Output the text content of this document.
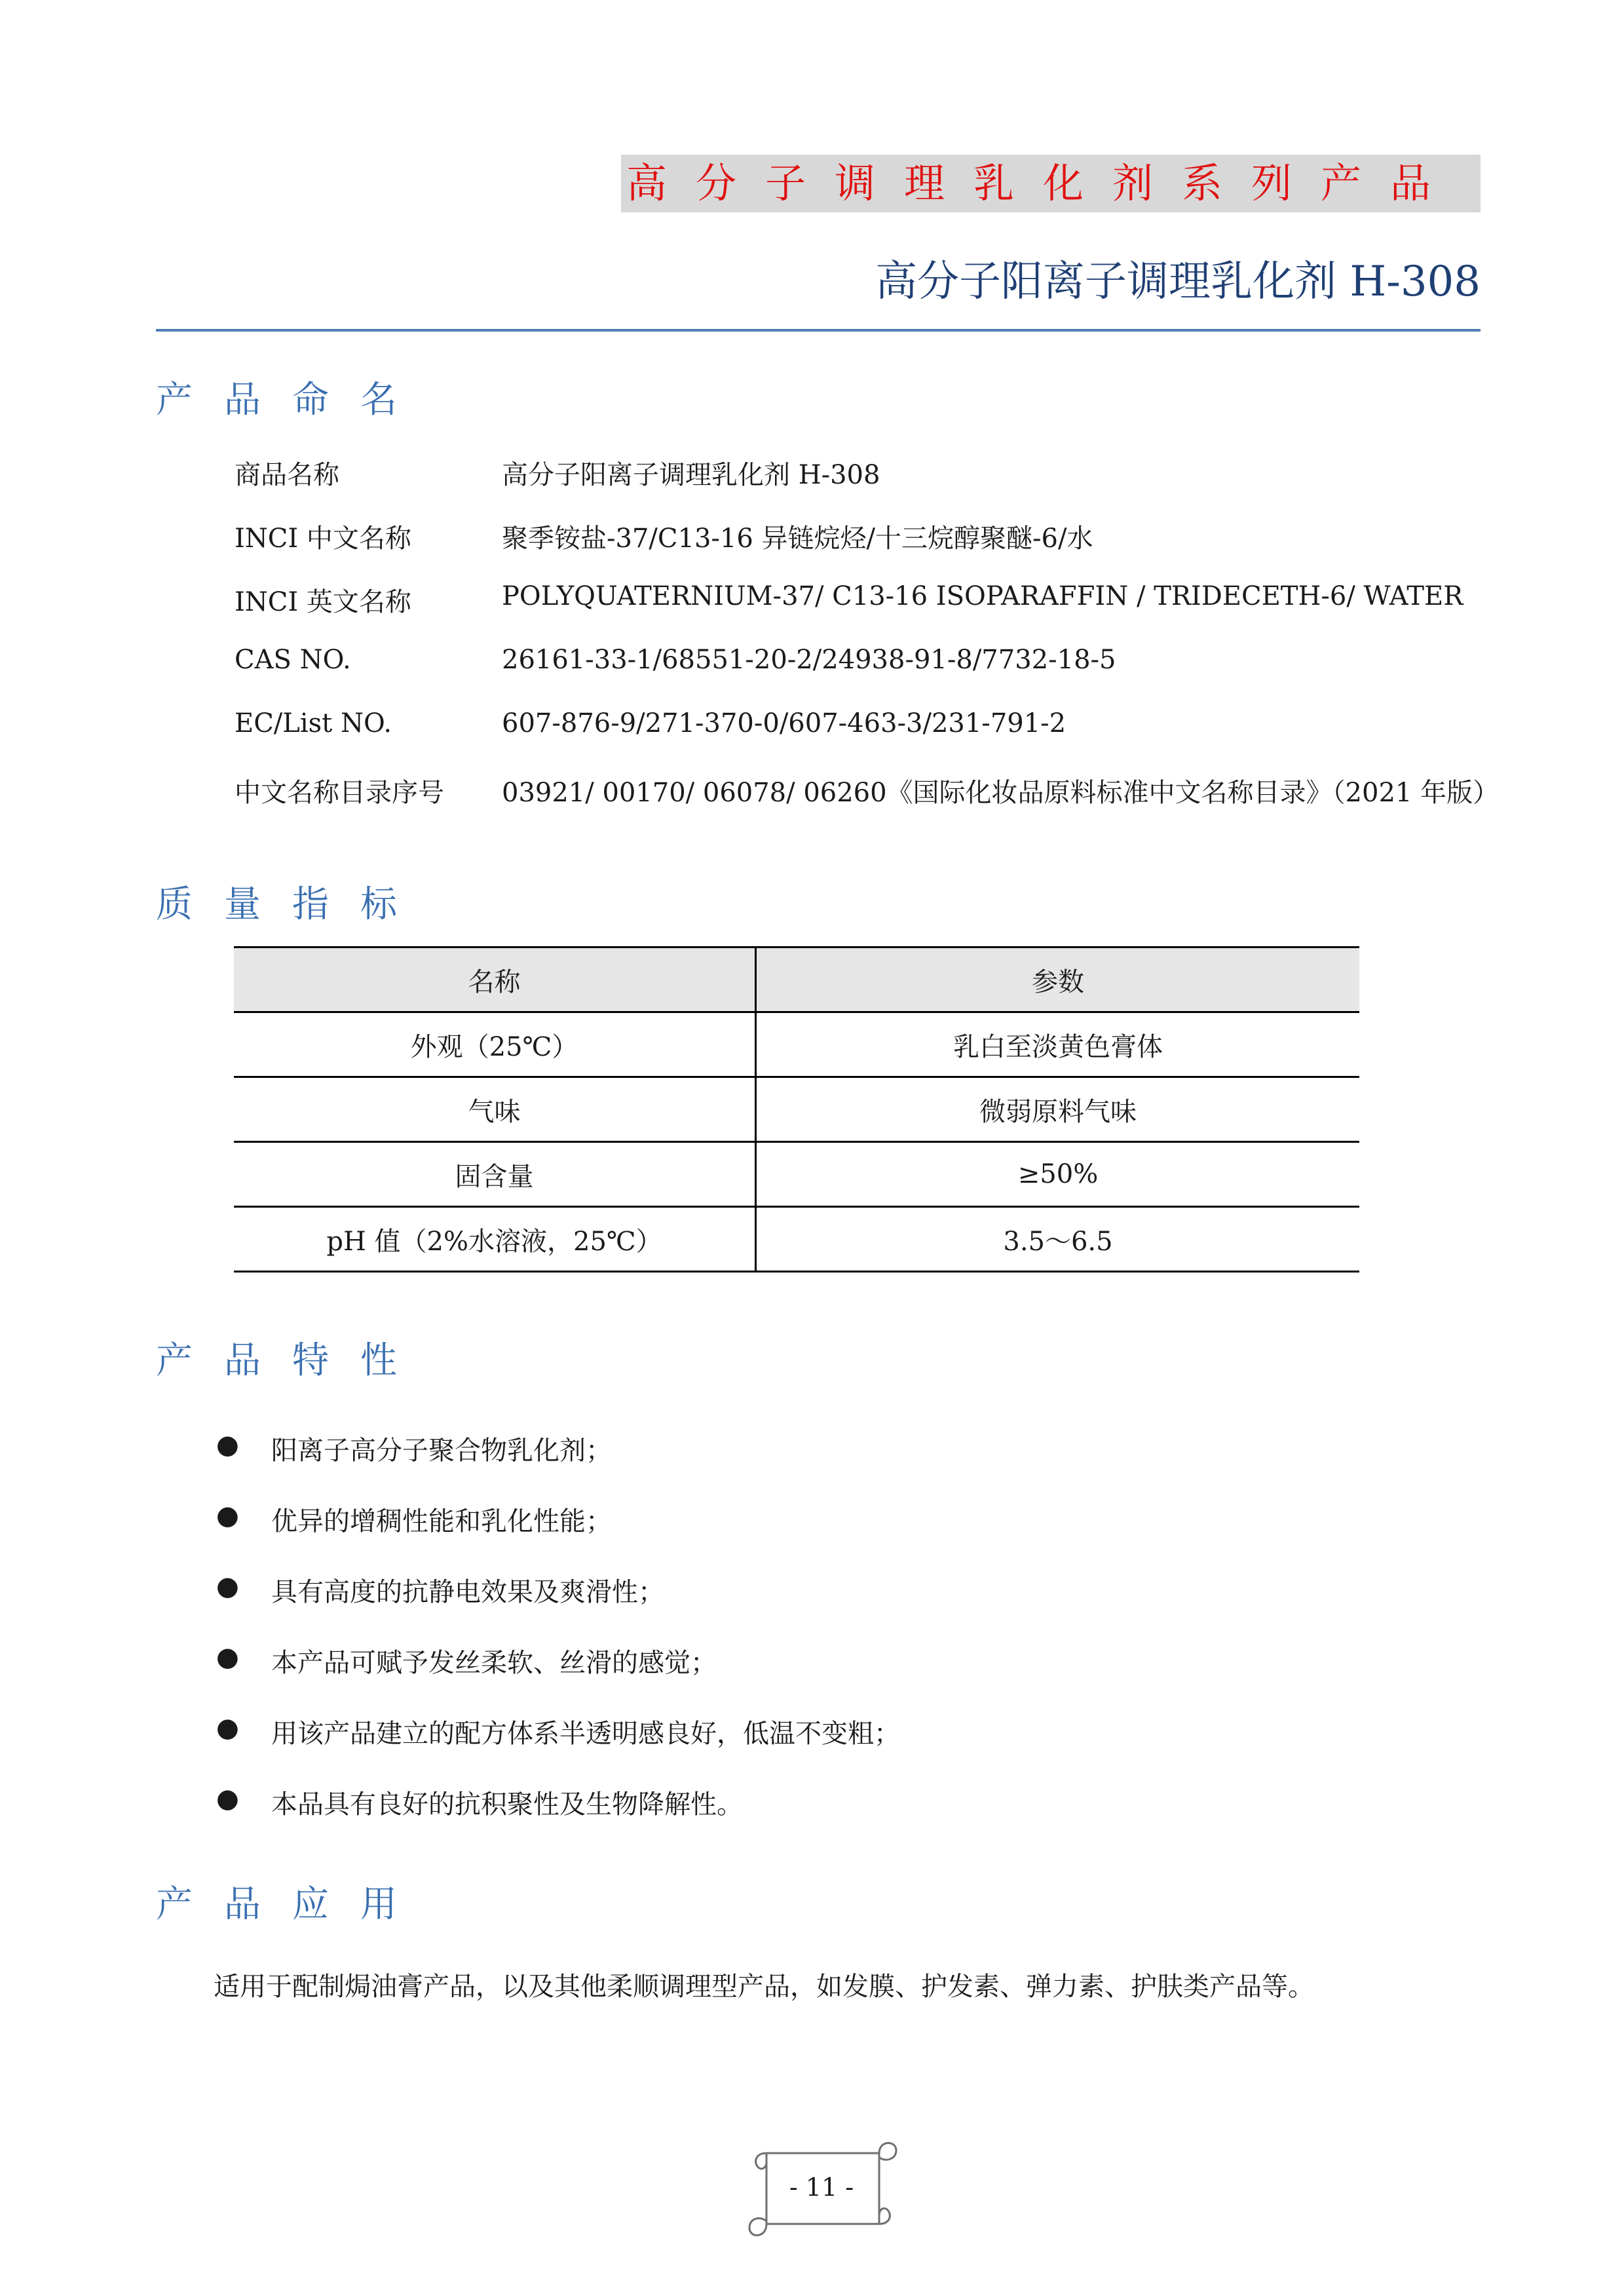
高分子调理乳化剂系列产品
高分子阳离子调理乳化剂 H-308
产品命名
商品名称	高分子阳离子调理乳化剂 H-308
INCI 中文名称	聚季铵盐-37/C13-16 异链烷烃/十三烷醇聚醚-6/水
INCI 英文名称	POLYQUATERNIUM-37/ C13-16 ISOPARAFFIN / TRIDECETH-6/ WATER
CAS NO.	26161-33-1/68551-20-2/24938-91-8/7732-18-5
EC/List NO.	607-876-9/271-370-0/607-463-3/231-791-2
中文名称目录序号 03921/ 00170/ 06078/ 06260《国际化妆品原料标准中文名称目录》（2021 年版）
质量指标
名称	参数
外观（25℃）	乳白至淡黄色膏体
气味	微弱原料气味
固含量	≥50%
pH 值（2%水溶液，25℃）	3.5～6.5
产品特性
● 阳离子高分子聚合物乳化剂；
● 优异的增稠性能和乳化性能；
● 具有高度的抗静电效果及爽滑性；
● 本产品可赋予发丝柔软、丝滑的感觉；
● 用该产品建立的配方体系半透明感良好，低温不变粗；
● 本品具有良好的抗积聚性及生物降解性。
产品应用
适用于配制焗油膏产品，以及其他柔顺调理型产品，如发膜、护发素、弹力素、护肤类产品等。
- 11 -
